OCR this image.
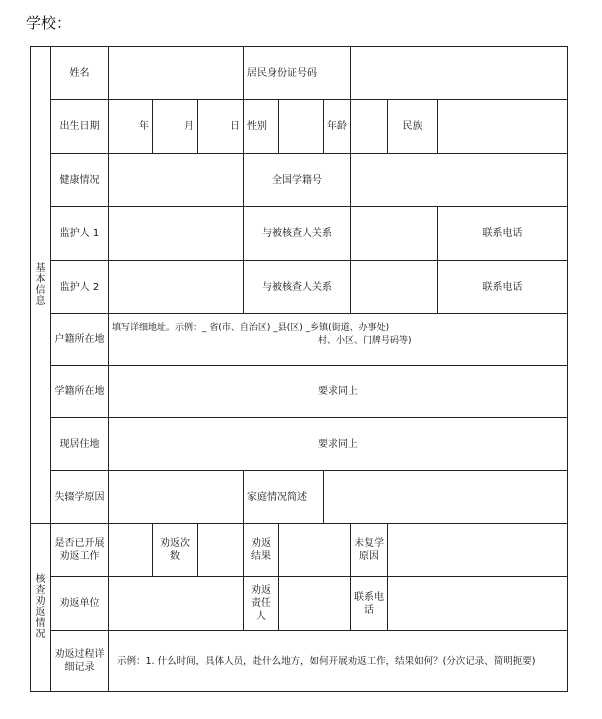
学校：
基本信息	姓名				居民身份证号码						
	出生日期	年	月	日	性别		年龄		民族		
	健康情况				全国学籍号						
	监护人 1				与被核查人关系					联系电话	
	监护人 2				与被核查人关系					联系电话	
	户籍所在地	填写详细地址。示例：_ 省(市、自治区) _县(区) _乡镇(街道、办事处)
村、小区、门牌号码等)									

	学籍所在地	要求同上									
	现居住地	要求同上									
	失辍学原因				家庭情况简述						
核查劝返情况	是否已开展劝返工作		劝返次数		劝返结果			未复学原因			
	劝返单位				劝返责任人			联系电话			
	劝返过程详细记录	示例：1. 什么时间，具体人员，赴什么地方，如何开展劝返工作，结果如何？(分次记录、简明扼要)									
